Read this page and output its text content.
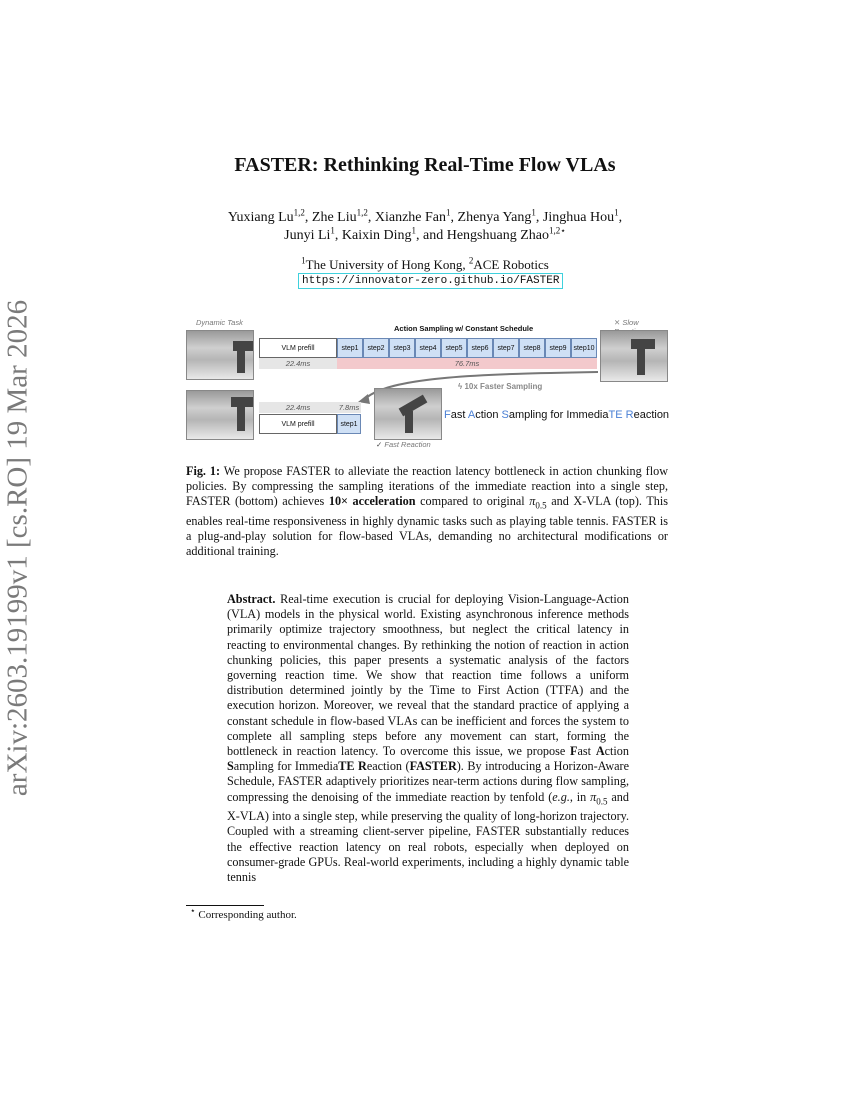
arXiv:2603.19199v1 [cs.RO] 19 Mar 2026
FASTER: Rethinking Real-Time Flow VLAs
Yuxiang Lu$^{1,2}$, Zhe Liu$^{1,2}$, Xianzhe Fan$^1$, Zhenya Yang$^1$, Jinghua Hou$^1$,
Junyi Li$^1$, Kaixin Ding$^1$, and Hengshuang Zhao$^{1,2⋆}$
$^1$The University of Hong Kong, $^2$ACE Robotics
https://innovator-zero.github.io/FASTER
Dynamic Task
Action Sampling w/ Constant Schedule
VLM prefill	step1	step2	step3	step4	step5	step6	step7	step8	step9 step10
22.4ms	76.7ms
✕ Slow
ϟ 10x Faster Sampling
22.4ms	7.8ms
VLM prefill	step1
✓ Fast Reaction
Fast Action Sampling for ImmediaTE Reaction
Fig. 1: We propose FASTER to alleviate the reaction latency bottleneck in action chunking flow policies. By compressing the sampling iterations of the immediate reaction into a single step, FASTER (bottom) achieves 10× acceleration compared to original $\pi_{0.5}$ and X-VLA (top). This enables real-time responsiveness in highly dynamic tasks such as playing table tennis. FASTER is a plug-and-play solution for flow-based VLAs, demanding no architectural modifications or additional training.
Abstract. Real-time execution is crucial for deploying Vision-Language-Action (VLA) models in the physical world. Existing asynchronous inference methods primarily optimize trajectory smoothness, but neglect the critical latency in reacting to environmental changes. By rethinking the notion of reaction in action chunking policies, this paper presents a systematic analysis of the factors governing reaction time. We show that reaction time follows a uniform distribution determined jointly by the Time to First Action (TTFA) and the execution horizon. Moreover, we reveal that the standard practice of applying a constant schedule in flow-based VLAs can be inefficient and forces the system to complete all sampling steps before any movement can start, forming the bottleneck in reaction latency. To overcome this issue, we propose Fast Action Sampling for ImmediaTE Reaction (FASTER). By introducing a Horizon-Aware Schedule, FASTER adaptively prioritizes near-term actions during flow sampling, compressing the denoising of the immediate reaction by tenfold (e.g., in $\pi_{0.5}$ and X-VLA) into a single step, while preserving the quality of long-horizon trajectory. Coupled with a streaming client-server pipeline, FASTER substantially reduces the effective reaction latency on real robots, especially when deployed on consumer-grade GPUs. Real-world experiments, including a highly dynamic table tennis
⋆ Corresponding author.
